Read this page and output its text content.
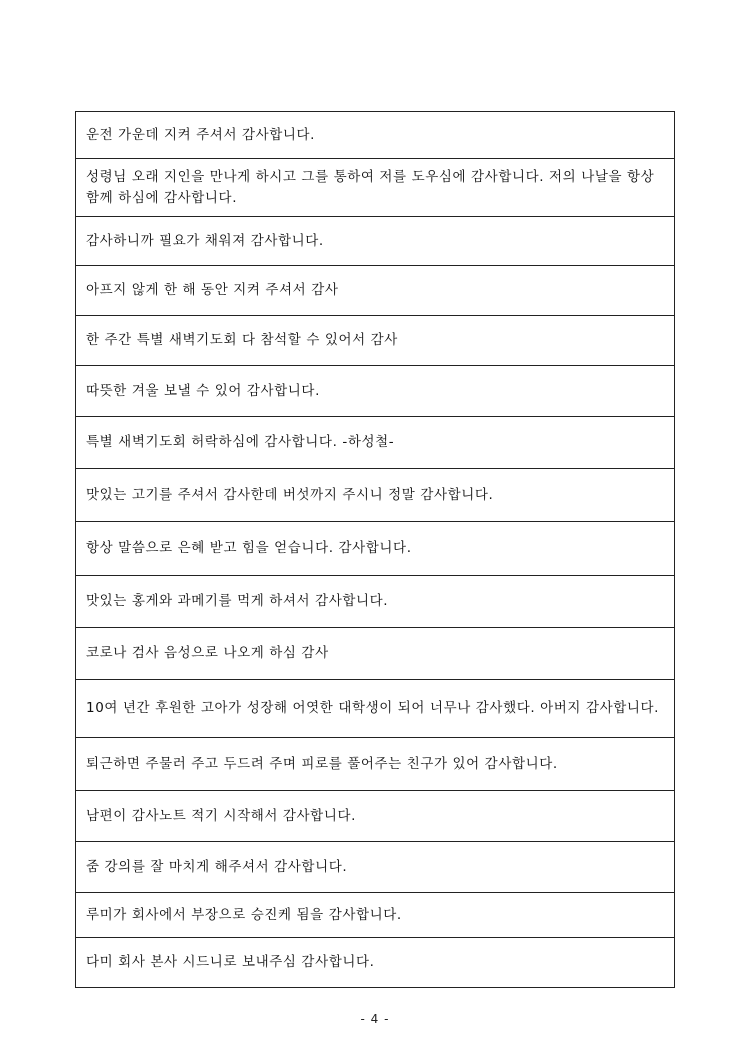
운전 가운데 지켜 주셔서 감사합니다.
성령님 오래 지인을 만나게 하시고 그를 통하여 저를 도우심에 감사합니다. 저의 나날을 항상 함께 하심에 감사합니다.
감사하니까 필요가 채워져 감사합니다.
아프지 않게 한 해 동안 지켜 주셔서 감사
한 주간 특별 새벽기도회 다 참석할 수 있어서 감사
따뜻한 겨울 보낼 수 있어 감사합니다.
특별 새벽기도회 허락하심에 감사합니다. -하성철-
맛있는 고기를 주셔서 감사한데 버섯까지 주시니 정말 감사합니다.
항상 말씀으로 은혜 받고 힘을 얻습니다. 감사합니다.
맛있는 홍게와 과메기를 먹게 하셔서 감사합니다.
코로나 검사 음성으로 나오게 하심 감사
10여 년간 후원한 고아가 성장해 어엿한 대학생이 되어 너무나 감사했다. 아버지 감사합니다.
퇴근하면 주물러 주고 두드려 주며 피로를 풀어주는 친구가 있어 감사합니다.
남편이 감사노트 적기 시작해서 감사합니다.
줌 강의를 잘 마치게 해주셔서 감사합니다.
루미가 회사에서 부장으로 승진케 됨을 감사합니다.
다미 회사 본사 시드니로 보내주심 감사합니다.
- 4 -
